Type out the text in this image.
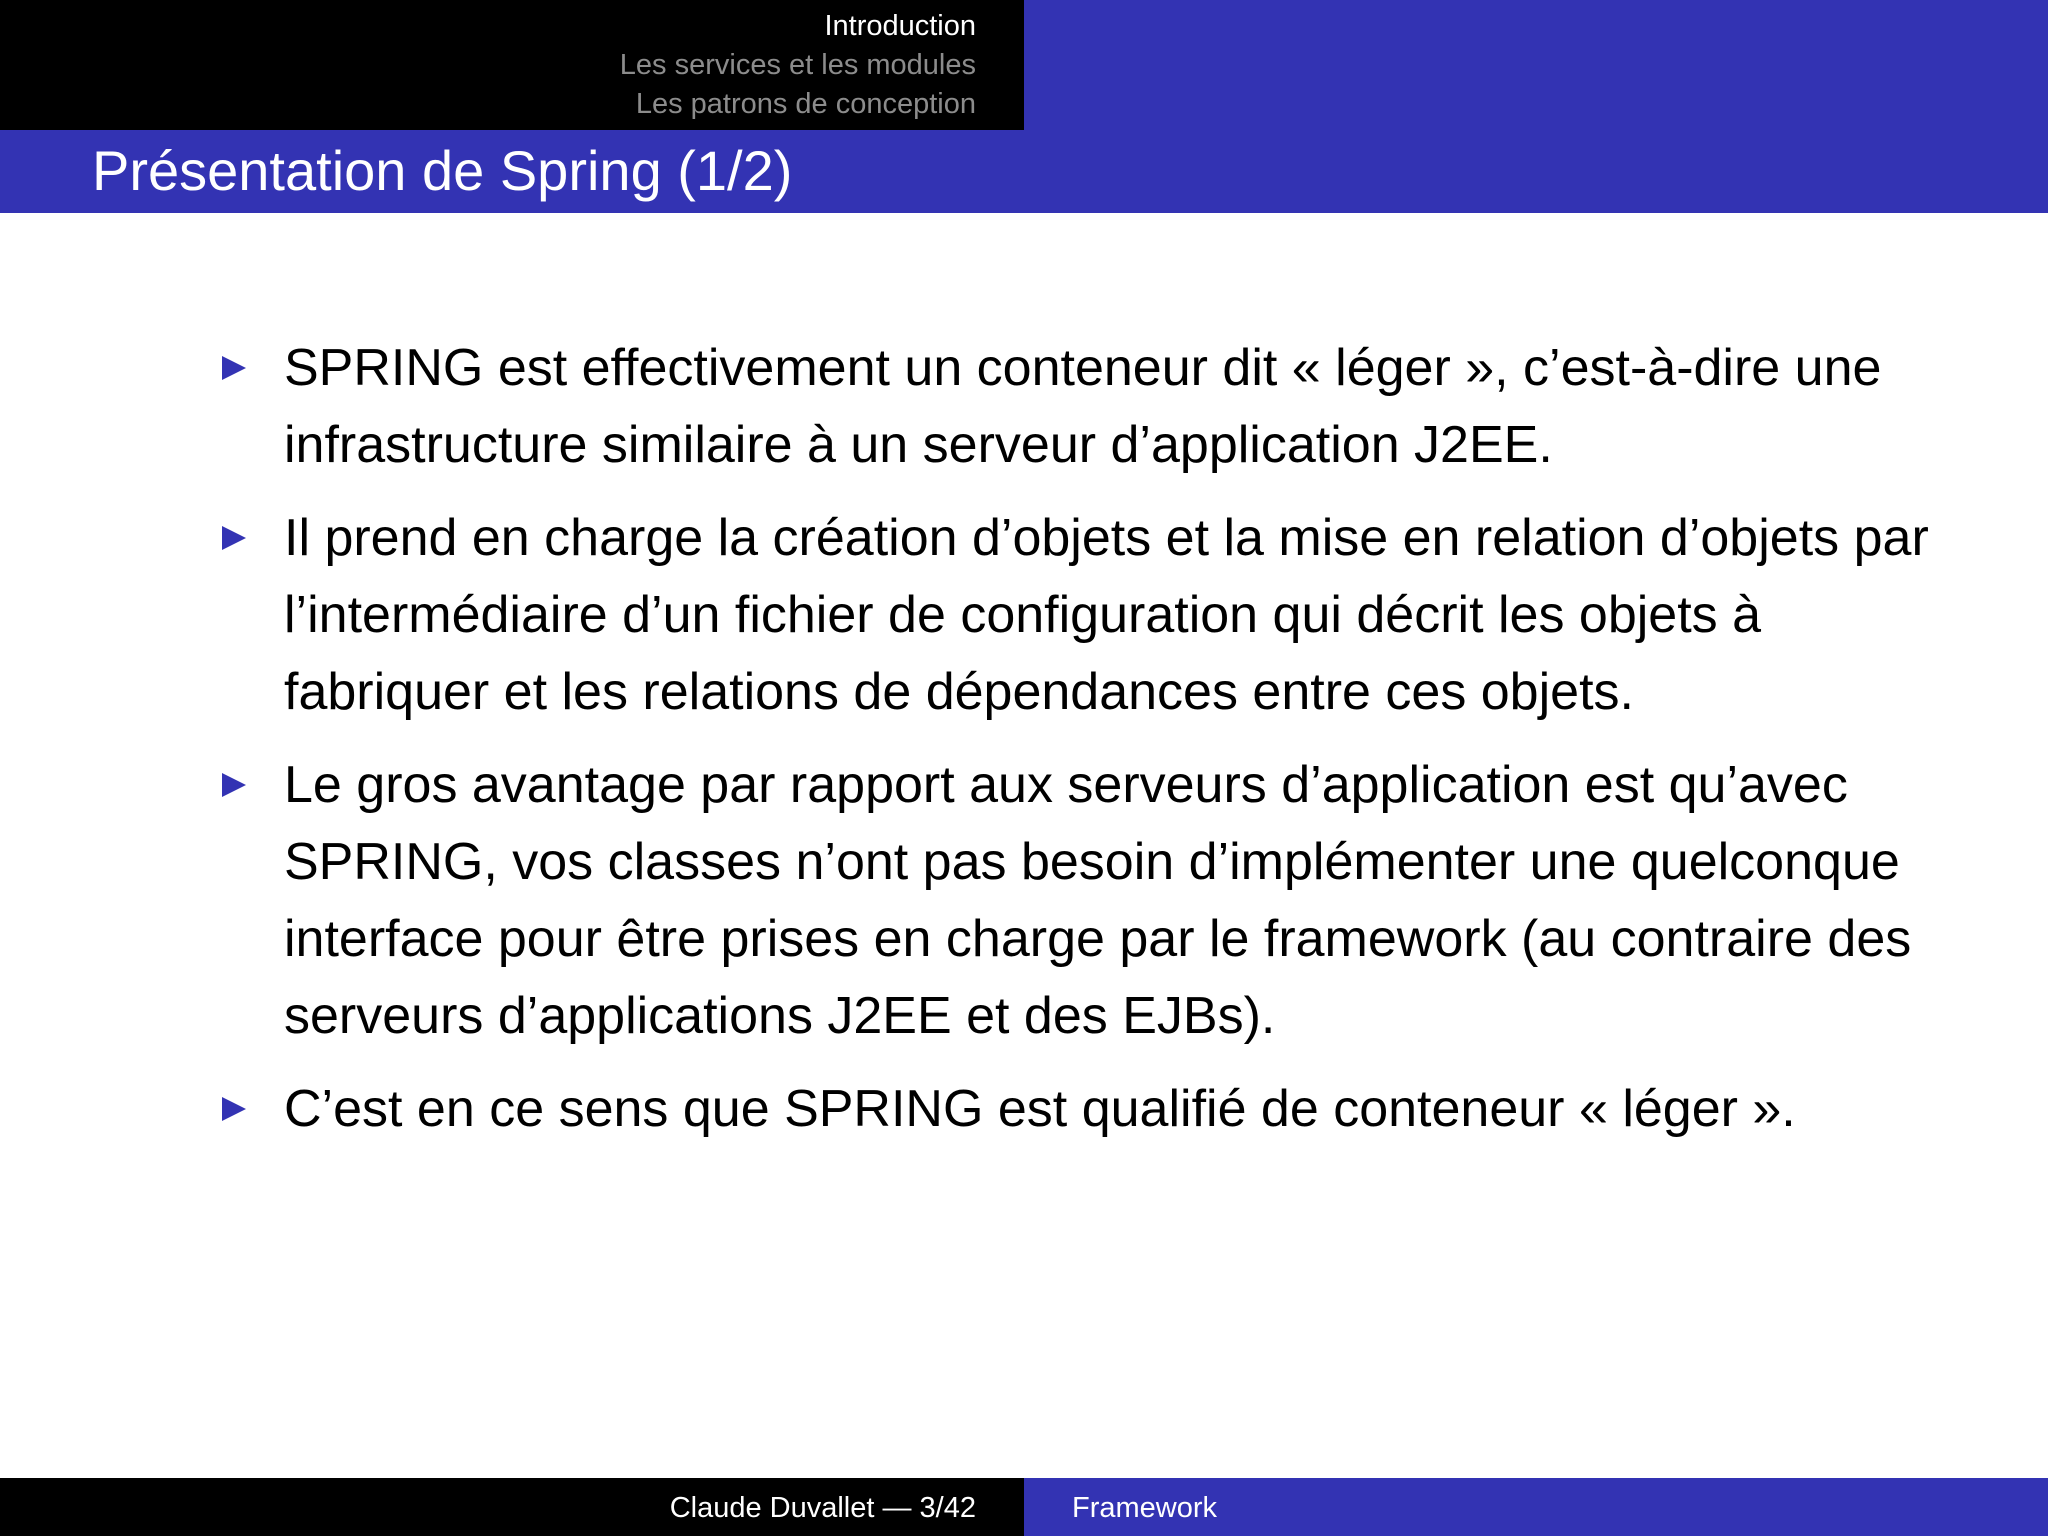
Introduction
Les services et les modules
Les patrons de conception
Présentation de Spring (1/2)
SPRING est effectivement un conteneur dit « léger », c’est-à-dire une infrastructure similaire à un serveur d’application J2EE.
Il prend en charge la création d’objets et la mise en relation d’objets par l’intermédiaire d’un fichier de configuration qui décrit les objets à fabriquer et les relations de dépendances entre ces objets.
Le gros avantage par rapport aux serveurs d’application est qu’avec SPRING, vos classes n’ont pas besoin d’implémenter une quelconque interface pour être prises en charge par le framework (au contraire des serveurs d’applications J2EE et des EJBs).
C’est en ce sens que SPRING est qualifié de conteneur « léger ».
Claude Duvallet — 3/42	Framework
